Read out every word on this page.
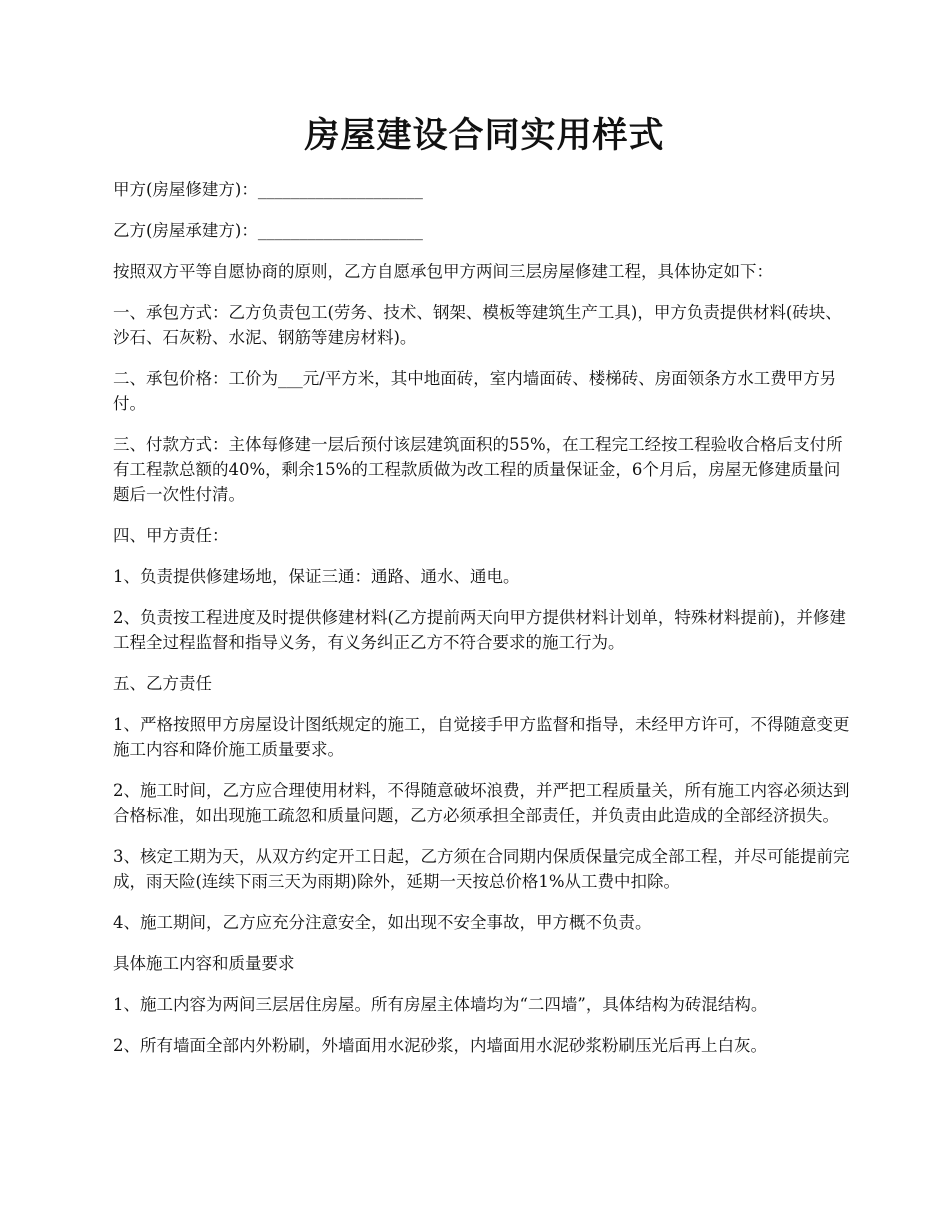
房屋建设合同实用样式

甲方(房屋修建方)：____________________

乙方(房屋承建方)：____________________

按照双方平等自愿协商的原则，乙方自愿承包甲方两间三层房屋修建工程，具体协定如下：

一、承包方式：乙方负责包工(劳务、技术、钢架、模板等建筑生产工具)，甲方负责提供材料(砖块、沙石、石灰粉、水泥、钢筋等建房材料)。

二、承包价格：工价为___元/平方米，其中地面砖，室内墙面砖、楼梯砖、房面领条方水工费甲方另付。

三、付款方式：主体每修建一层后预付该层建筑面积的55%，在工程完工经按工程验收合格后支付所有工程款总额的40%，剩余15%的工程款质做为改工程的质量保证金，6个月后，房屋无修建质量问题后一次性付清。

四、甲方责任：

1、负责提供修建场地，保证三通：通路、通水、通电。

2、负责按工程进度及时提供修建材料(乙方提前两天向甲方提供材料计划单，特殊材料提前)，并修建工程全过程监督和指导义务，有义务纠正乙方不符合要求的施工行为。

五、乙方责任

1、严格按照甲方房屋设计图纸规定的施工，自觉接手甲方监督和指导，未经甲方许可，不得随意变更施工内容和降价施工质量要求。

2、施工时间，乙方应合理使用材料，不得随意破坏浪费，并严把工程质量关，所有施工内容必须达到合格标准，如出现施工疏忽和质量问题，乙方必须承担全部责任，并负责由此造成的全部经济损失。

3、核定工期为天，从双方约定开工日起，乙方须在合同期内保质保量完成全部工程，并尽可能提前完成，雨天险(连续下雨三天为雨期)除外，延期一天按总价格1%从工费中扣除。

4、施工期间，乙方应充分注意安全，如出现不安全事故，甲方概不负责。

具体施工内容和质量要求

1、施工内容为两间三层居住房屋。所有房屋主体墙均为“二四墙”，具体结构为砖混结构。

2、所有墙面全部内外粉刷，外墙面用水泥砂浆，内墙面用水泥砂浆粉刷压光后再上白灰。
